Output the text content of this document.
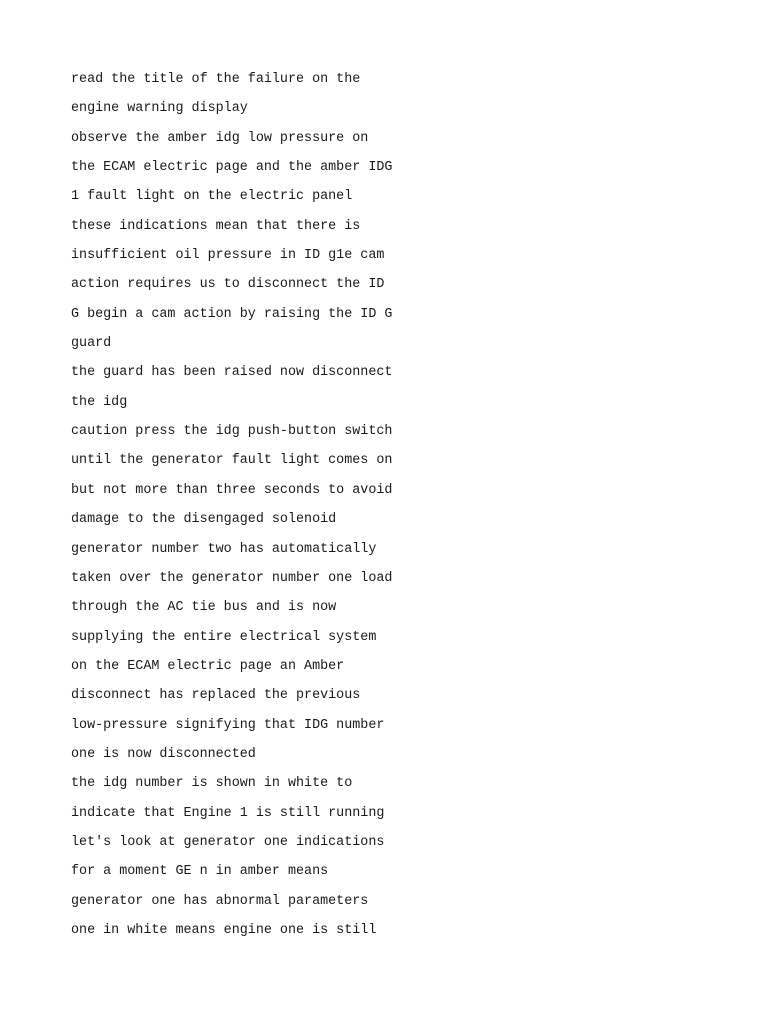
read the title of the failure on the
engine warning display
observe the amber idg low pressure on
the ECAM electric page and the amber IDG
1 fault light on the electric panel
these indications mean that there is
insufficient oil pressure in ID g1e cam
action requires us to disconnect the ID
G begin a cam action by raising the ID G
guard
the guard has been raised now disconnect
the idg
caution press the idg push-button switch
until the generator fault light comes on
but not more than three seconds to avoid
damage to the disengaged solenoid
generator number two has automatically
taken over the generator number one load
through the AC tie bus and is now
supplying the entire electrical system
on the ECAM electric page an Amber
disconnect has replaced the previous
low-pressure signifying that IDG number
one is now disconnected
the idg number is shown in white to
indicate that Engine 1 is still running
let's look at generator one indications
for a moment GE n in amber means
generator one has abnormal parameters
one in white means engine one is still
